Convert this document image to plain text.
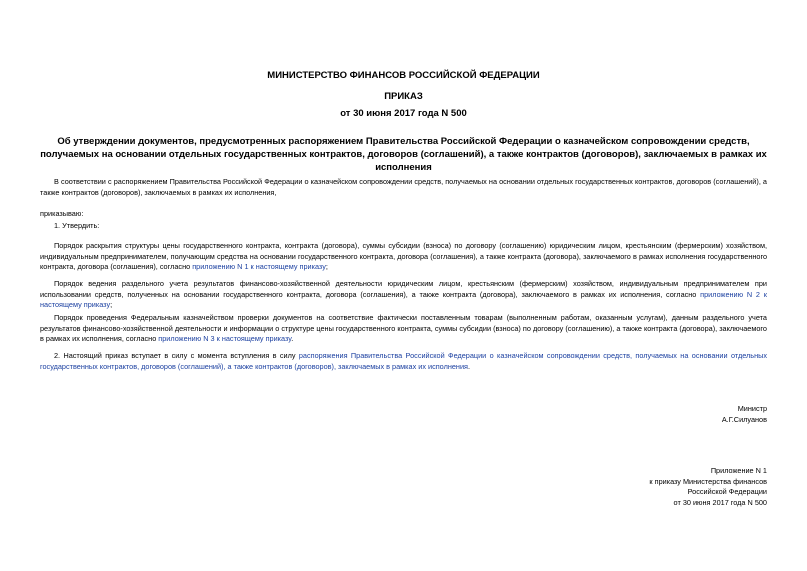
МИНИСТЕРСТВО ФИНАНСОВ РОССИЙСКОЙ ФЕДЕРАЦИИ
ПРИКАЗ
от 30 июня 2017 года N 500
Об утверждении документов, предусмотренных распоряжением Правительства Российской Федерации о казначейском сопровождении средств, получаемых на основании отдельных государственных контрактов, договоров (соглашений), а также контрактов (договоров), заключаемых в рамках их исполнения
В соответствии с распоряжением Правительства Российской Федерации о казначейском сопровождении средств, получаемых на основании отдельных государственных контрактов, договоров (соглашений), а также контрактов (договоров), заключаемых в рамках их исполнения,
приказываю:
1. Утвердить:
Порядок раскрытия структуры цены государственного контракта, контракта (договора), суммы субсидии (взноса) по договору (соглашению) юридическим лицом, крестьянским (фермерским) хозяйством, индивидуальным предпринимателем, получающим средства на основании государственного контракта, договора (соглашения), а также контракта (договора), заключаемого в рамках исполнения государственного контракта, договора (соглашения), согласно приложению N 1 к настоящему приказу;
Порядок ведения раздельного учета результатов финансово-хозяйственной деятельности юридическим лицом, крестьянским (фермерским) хозяйством, индивидуальным предпринимателем при использовании средств, полученных на основании государственного контракта, договора (соглашения), а также контракта (договора), заключаемого в рамках их исполнения, согласно приложению N 2 к настоящему приказу;
Порядок проведения Федеральным казначейством проверки документов на соответствие фактически поставленным товарам (выполненным работам, оказанным услугам), данным раздельного учета результатов финансово-хозяйственной деятельности и информации о структуре цены государственного контракта, суммы субсидии (взноса) по договору (соглашению), а также контракта (договора), заключаемого в рамках их исполнения, согласно приложению N 3 к настоящему приказу.
2. Настоящий приказ вступает в силу с момента вступления в силу распоряжения Правительства Российской Федерации о казначейском сопровождении средств, получаемых на основании отдельных государственных контрактов, договоров (соглашений), а также контрактов (договоров), заключаемых в рамках их исполнения.
Министр
А.Г.Силуанов
Приложение N 1
к приказу Министерства финансов
Российской Федерации
от 30 июня 2017 года N 500
